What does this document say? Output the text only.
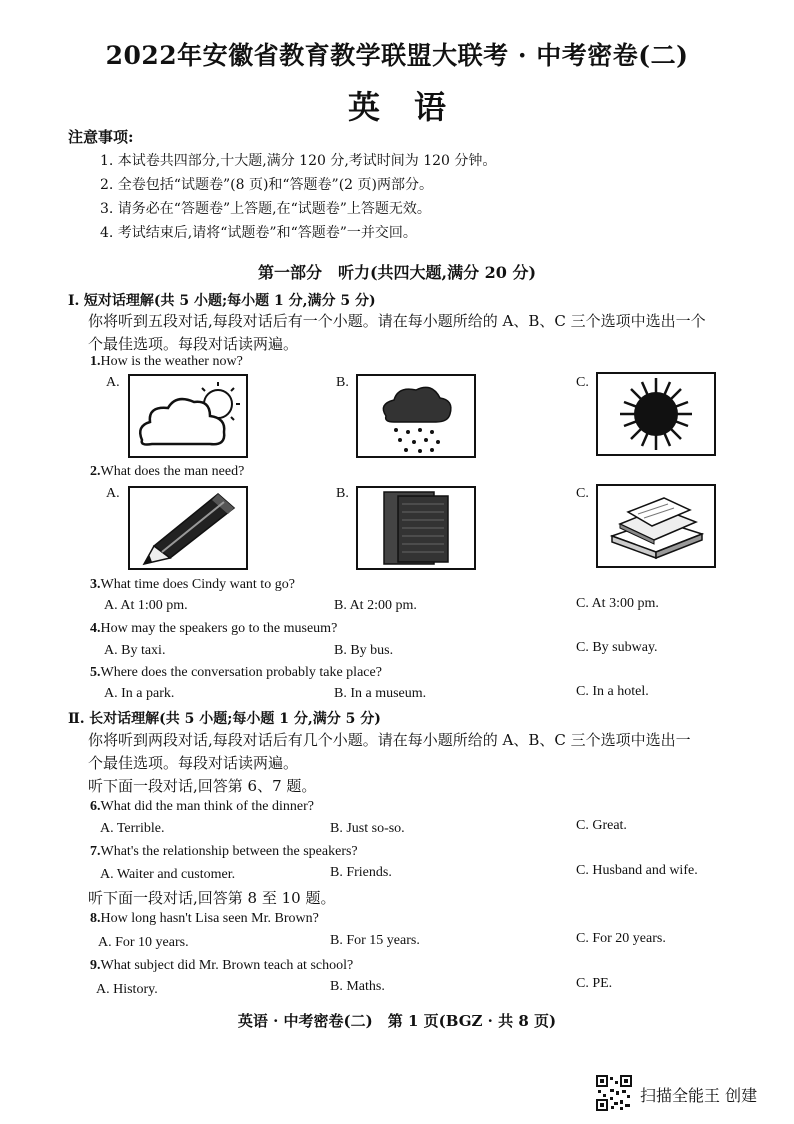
2022年安徽省教育教学联盟大联考 · 中考密卷(二)
英语
注意事项:
1. 本试卷共四部分,十大题,满分 120 分,考试时间为 120 分钟。
2. 全卷包括“试题卷”(8 页)和“答题卷”(2 页)两部分。
3. 请务必在“答题卷”上答题,在“试题卷”上答题无效。
4. 考试结束后,请将“试题卷”和“答题卷”一并交回。
第一部分　听力(共四大题,满分 20 分)
Ⅰ. 短对话理解(共 5 小题;每小题 1 分,满分 5 分)
你将听到五段对话,每段对话后有一个小题。请在每小题所给的 A、B、C 三个选项中选出一个
个最佳选项。每段对话读两遍。
1.How is the weather now?
A.	B.	C.
2.What does the man need?
A.	B.	C.
3.What time does Cindy want to go?
A. At 1:00 pm.	B. At 2:00 pm.	C. At 3:00 pm.
4.How may the speakers go to the museum?
A. By taxi.	B. By bus.	C. By subway.
5.Where does the conversation probably take place?
A. In a park.	B. In a museum.	C. In a hotel.
Ⅱ. 长对话理解(共 5 小题;每小题 1 分,满分 5 分)
你将听到两段对话,每段对话后有几个小题。请在每小题所给的 A、B、C 三个选项中选出一
个最佳选项。每段对话读两遍。
听下面一段对话,回答第 6、7 题。
6.What did the man think of the dinner?
A. Terrible.	B. Just so-so.	C. Great.
7.What's the relationship between the speakers?
A. Waiter and customer.	B. Friends.	C. Husband and wife.
听下面一段对话,回答第 8 至 10 题。
8.How long hasn't Lisa seen Mr. Brown?
A. For 10 years.	B. For 15 years.	C. For 20 years.
9.What subject did Mr. Brown teach at school?
A. History.	B. Maths.	C. PE.
英语 · 中考密卷(二)　第 1 页(BGZ · 共 8 页)
扫描全能王 创建
